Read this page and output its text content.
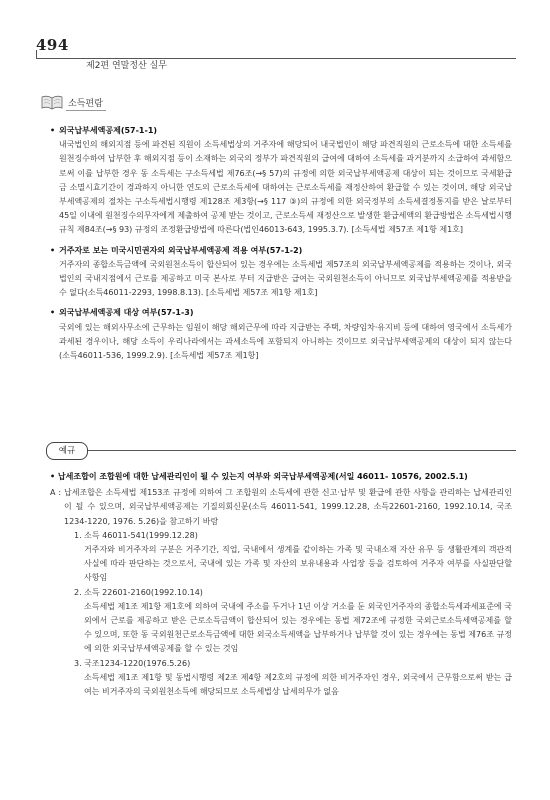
494
제2편 연말정산 실무
소득편람
• 외국납부세액공제(57-1-1)
내국법인의 해외지점 등에 파견된 직원이 소득세법상의 거주자에 해당되어 내국법인이 해당 파견직원의 근로소득에 대한 소득세를 원천징수하여 납부한 후 해외지점 등이 소재하는 외국의 정부가 파견직원의 급여에 대하여 소득세를 과거분까지 소급하여 과세함으로써 이를 납부한 경우 동 소득세는 구소득세법 제76조(→§ 57)의 규정에 의한 외국납부세액공제 대상이 되는 것이므로 국세환급금 소멸시효기간이 경과하지 아니한 연도의 근로소득세에 대하여는 근로소득세를 재정산하여 환급할 수 있는 것이며, 해당 외국납부세액공제의 절차는 구소득세법시행령 제128조 제3항(→§ 117 ③)의 규정에 의한 외국정부의 소득세결정통지를 받은 날로부터 45일 이내에 원천징수의무자에게 제출하여 공제 받는 것이고, 근로소득세 재정산으로 발생한 환급세액의 환급방법은 소득세법시행규칙 제84조(→§ 93) 규정의 조정환급방법에 따른다(법인46013-643, 1995.3.7). [소득세법 제57조 제1항 제1호]
• 거주자로 보는 미국시민권자의 외국납부세액공제 적용 여부(57-1-2)
거주자의 종합소득금액에 국외원천소득이 합산되어 있는 경우에는 소득세법 제57조의 외국납부세액공제를 적용하는 것이나, 외국법인의 국내지점에서 근로를 제공하고 미국 본사로 부터 지급받은 급여는 국외원천소득이 아니므로 외국납부세액공제를 적용받을 수 없다(소득46011-2293, 1998.8.13). [소득세법 제57조 제1항 제1호]
• 외국납부세액공제 대상 여부(57-1-3)
국외에 있는 해외사무소에 근무하는 임원이 해당 해외근무에 따라 지급받는 주택, 차량임차·유지비 등에 대하여 영국에서 소득세가 과세된 경우이나, 해당 소득이 우리나라에서는 과세소득에 포함되지 아니하는 것이므로 외국납부세액공제의 대상이 되지 않는다(소득46011-536, 1999.2.9). [소득세법 제57조 제1항]
예규
• 납세조합이 조합원에 대한 납세관리인이 될 수 있는지 여부와 외국납부세액공제(서일 46011- 10576, 2002.5.1)
A : 납세조합은 소득세법 제153조 규정에 의하여 그 조합원의 소득세에 관한 신고·납부 및 환급에 관한 사항을 관리하는 납세관리인이 될 수 있으며, 외국납부세액공제는 기질의회신문(소득 46011-541, 1999.12.28, 소득22601-2160, 1992.10.14, 국조 1234-1220, 1976. 5.26)을 참고하기 바람
1. 소득 46011-541(1999.12.28)
거주자와 비거주자의 구분은 거주기간, 직업, 국내에서 생계를 같이하는 가족 및 국내소재 자산 유무 등 생활관계의 객관적 사실에 따라 판단하는 것으로서, 국내에 있는 가족 및 자산의 보유내용과 사업장 등을 검토하여 거주자 여부를 사실판단할 사항임
2. 소득 22601-2160(1992.10.14)
소득세법 제1조 제1항 제1호에 의하여 국내에 주소를 두거나 1년 이상 거소를 둔 외국인거주자의 종합소득세과세표준에 국외에서 근로를 제공하고 받은 근로소득금액이 합산되어 있는 경우에는 동법 제72조에 규정한 국외근로소득세액공제를 할 수 있으며, 또한 동 국외원천근로소득금액에 대한 외국소득세액을 납부하거나 납부할 것이 있는 경우에는 동법 제76조 규정에 의한 외국납부세액공제를 할 수 있는 것임
3. 국조1234-1220(1976.5.26)
소득세법 제1조 제1항 및 동법시행령 제2조 제4항 제2호의 규정에 의한 비거주자인 경우, 외국에서 근무함으로써 받는 급여는 비거주자의 국외원천소득에 해당되므로 소득세법상 납세의무가 없음
